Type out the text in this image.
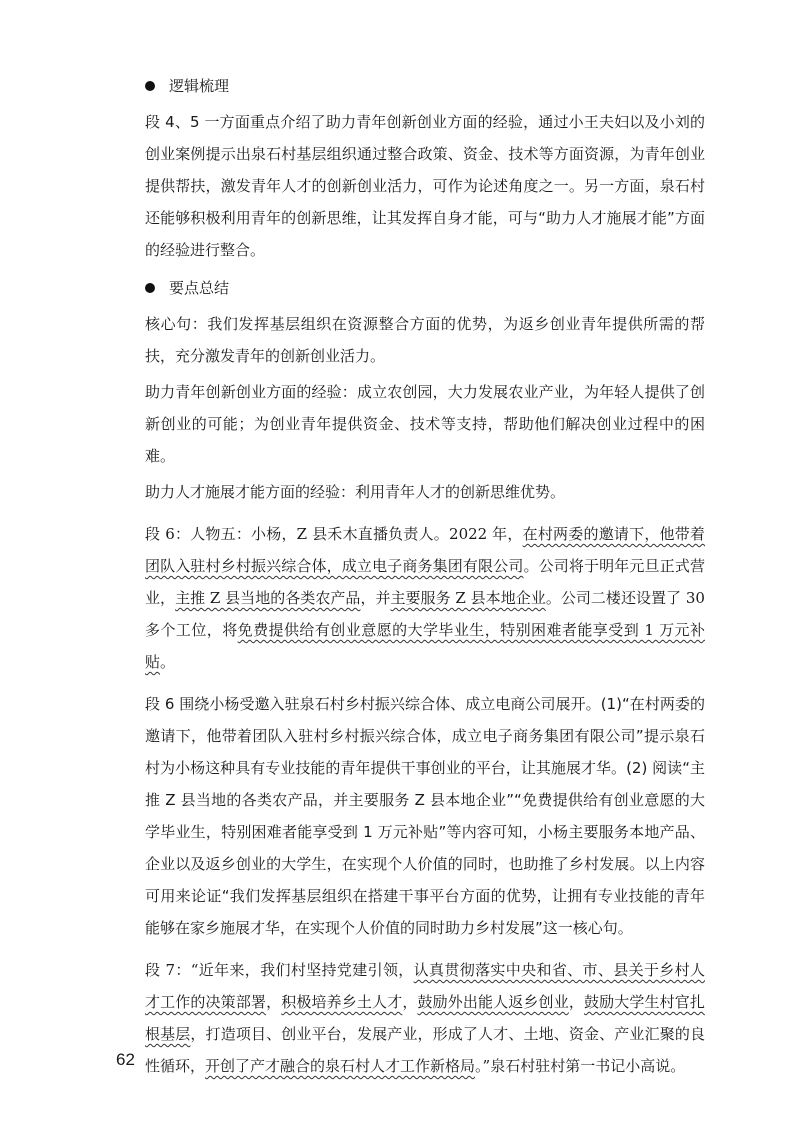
逻辑梳理

段 4、5 一方面重点介绍了助力青年创新创业方面的经验，通过小王夫妇以及小刘的创业案例提示出泉石村基层组织通过整合政策、资金、技术等方面资源，为青年创业提供帮扶，激发青年人才的创新创业活力，可作为论述角度之一。另一方面，泉石村还能够积极利用青年的创新思维，让其发挥自身才能，可与“助力人才施展才能”方面的经验进行整合。

要点总结

核心句：我们发挥基层组织在资源整合方面的优势，为返乡创业青年提供所需的帮扶，充分激发青年的创新创业活力。

助力青年创新创业方面的经验：成立农创园，大力发展农业产业，为年轻人提供了创新创业的可能；为创业青年提供资金、技术等支持，帮助他们解决创业过程中的困难。

助力人才施展才能方面的经验：利用青年人才的创新思维优势。

段 6：人物五：小杨，Z 县禾木直播负责人。2022 年，在村两委的邀请下，他带着团队入驻村乡村振兴综合体，成立电子商务集团有限公司。公司将于明年元旦正式营业，主推 Z 县当地的各类农产品，并主要服务 Z 县本地企业。公司二楼还设置了 30 多个工位，将免费提供给有创业意愿的大学毕业生，特别困难者能享受到 1 万元补贴。

段 6 围绕小杨受邀入驻泉石村乡村振兴综合体、成立电商公司展开。(1)“在村两委的邀请下，他带着团队入驻村乡村振兴综合体，成立电子商务集团有限公司”提示泉石村为小杨这种具有专业技能的青年提供干事创业的平台，让其施展才华。(2) 阅读“主推 Z 县当地的各类农产品，并主要服务 Z 县本地企业”“免费提供给有创业意愿的大学毕业生，特别困难者能享受到 1 万元补贴”等内容可知，小杨主要服务本地产品、企业以及返乡创业的大学生，在实现个人价值的同时，也助推了乡村发展。以上内容可用来论证“我们发挥基层组织在搭建干事平台方面的优势，让拥有专业技能的青年能够在家乡施展才华，在实现个人价值的同时助力乡村发展”这一核心句。

段 7：“近年来，我们村坚持党建引领，认真贯彻落实中央和省、市、县关于乡村人才工作的决策部署，积极培养乡土人才，鼓励外出能人返乡创业，鼓励大学生村官扎根基层，打造项目、创业平台，发展产业，形成了人才、土地、资金、产业汇聚的良性循环，开创了产才融合的泉石村人才工作新格局。”泉石村驻村第一书记小高说。

62
